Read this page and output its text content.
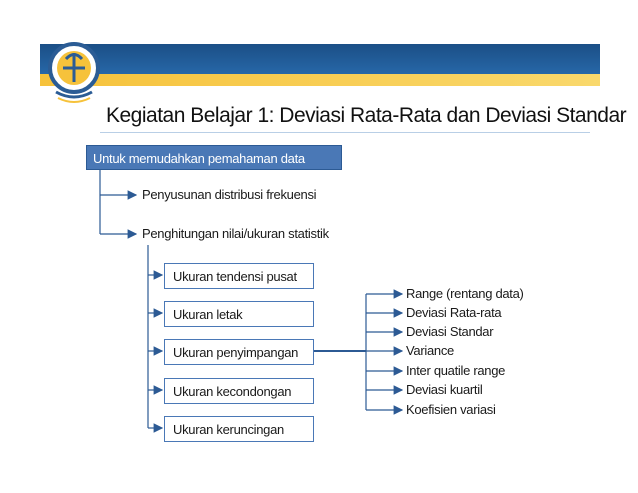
Kegiatan Belajar 1: Deviasi Rata-Rata dan Deviasi Standar
Untuk memudahkan pemahaman data
Penyusunan distribusi frekuensi
Penghitungan nilai/ukuran statistik
Ukuran tendensi pusat
Ukuran letak
Ukuran penyimpangan
Ukuran kecondongan
Ukuran keruncingan
Range (rentang data)
Deviasi Rata-rata
Deviasi Standar
Variance
Inter quatile range
Deviasi kuartil
Koefisien variasi
